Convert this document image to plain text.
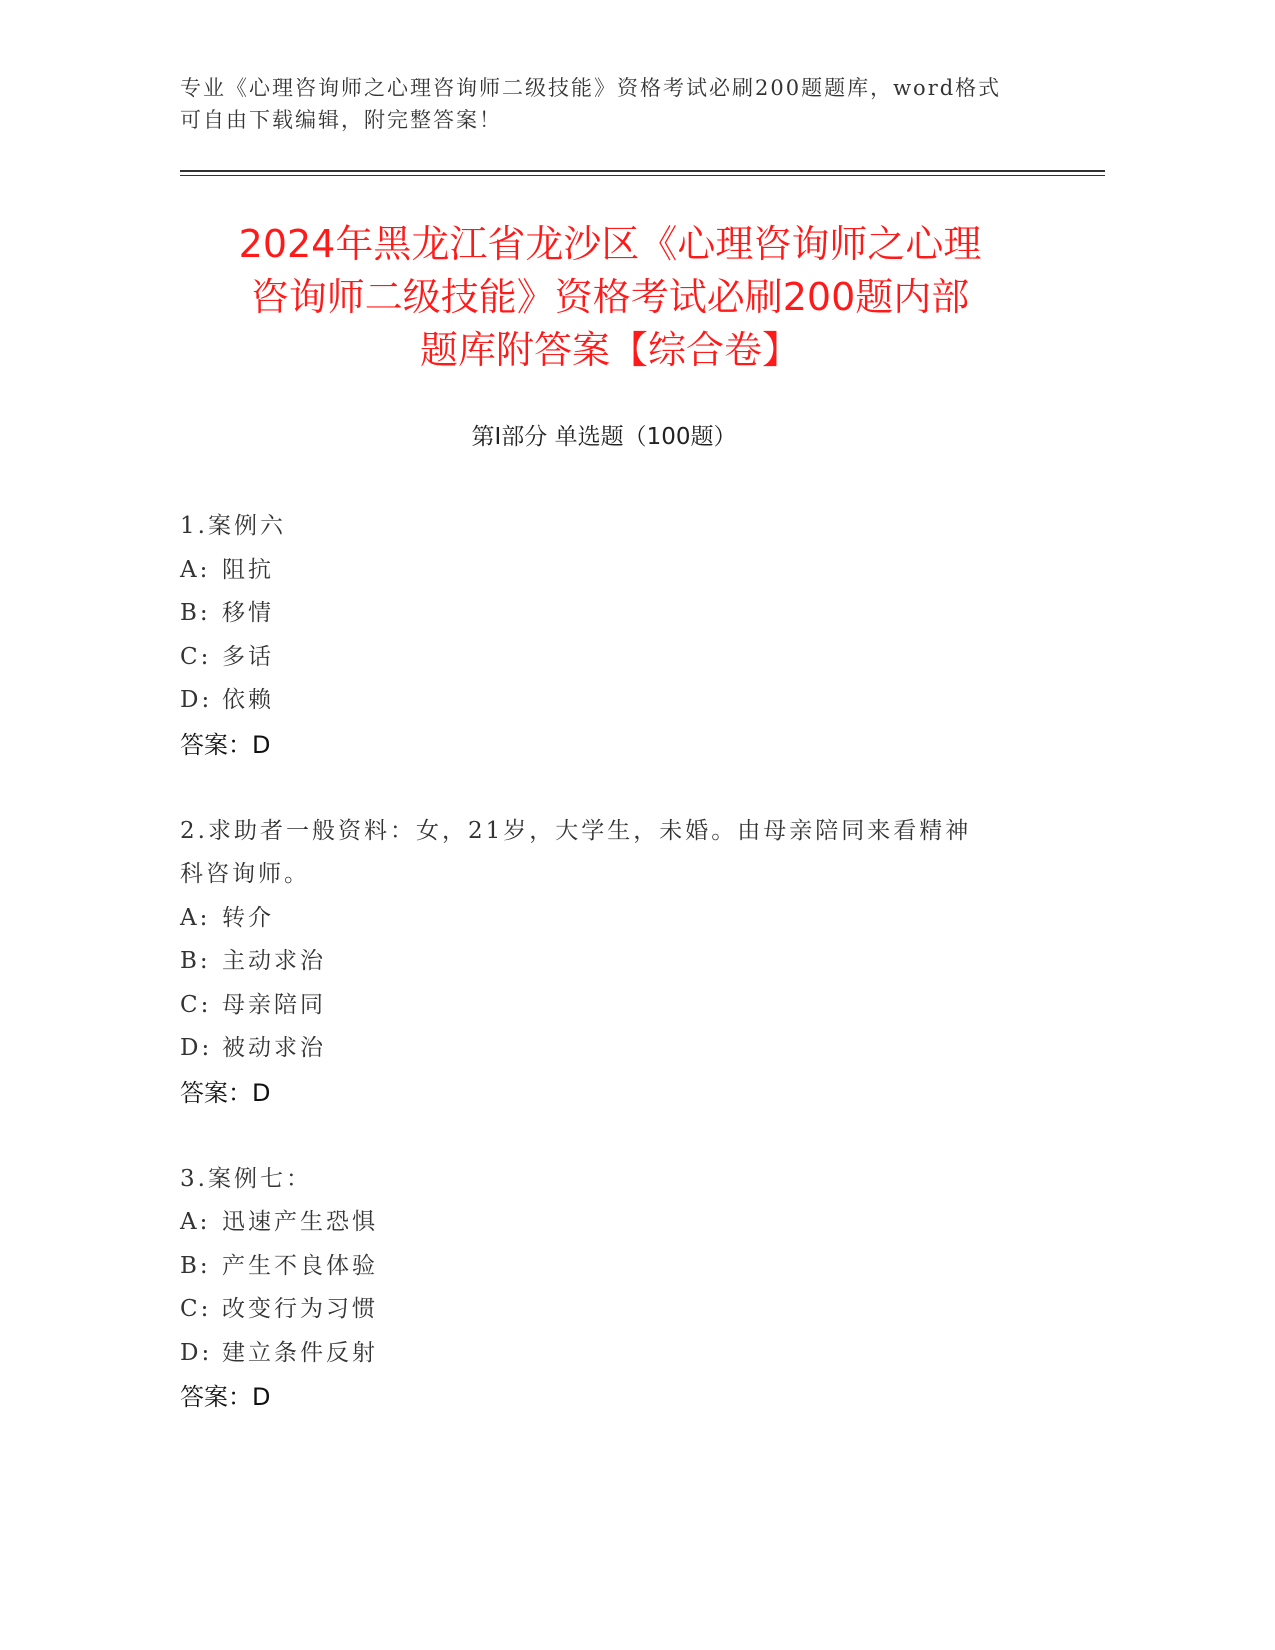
专业《心理咨询师之心理咨询师二级技能》资格考试必刷200题题库，word格式
可自由下载编辑，附完整答案！
2024年黑龙江省龙沙区《心理咨询师之心理
咨询师二级技能》资格考试必刷200题内部
题库附答案【综合卷】
第Ⅰ部分 单选题（100题）
1.案例六
A: 阻抗
B: 移情
C: 多话
D: 依赖
答案：D
2.求助者一般资料：女，21岁，大学生，未婚。由母亲陪同来看精神
科咨询师。
A: 转介
B: 主动求治
C: 母亲陪同
D: 被动求治
答案：D
3.案例七：
A: 迅速产生恐惧
B: 产生不良体验
C: 改变行为习惯
D: 建立条件反射
答案：D
